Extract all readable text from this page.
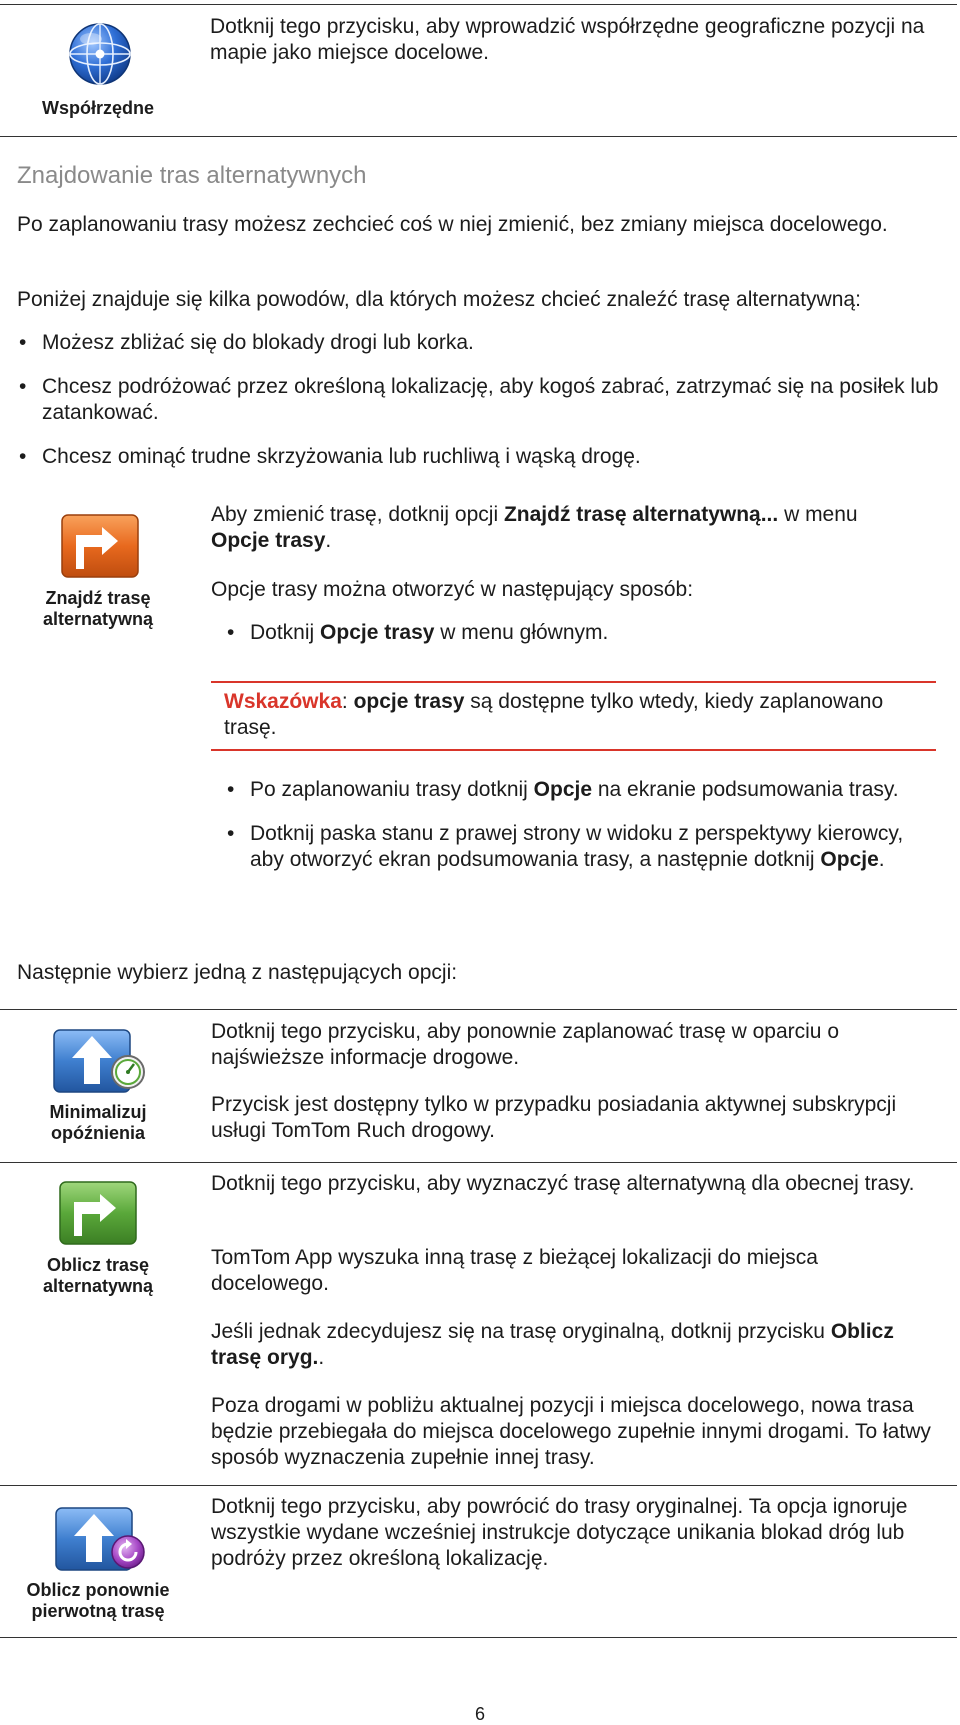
Współrzędne

Dotknij tego przycisku, aby wprowadzić współrzędne geograficzne pozycji na mapie jako miejsce docelowe.

Znajdowanie tras alternatywnych

Po zaplanowaniu trasy możesz zechcieć coś w niej zmienić, bez zmiany miejsca docelowego.

Poniżej znajduje się kilka powodów, dla których możesz chcieć znaleźć trasę alternatywną:

• Możesz zbliżać się do blokady drogi lub korka.
• Chcesz podróżować przez określoną lokalizację, aby kogoś zabrać, zatrzymać się na posiłek lub zatankować.
• Chcesz ominąć trudne skrzyżowania lub ruchliwą i wąską drogę.
Znajdź trasę
alternatywną

Aby zmienić trasę, dotknij opcji Znajdź trasę alternatywną... w menu Opcje trasy.

Opcje trasy można otworzyć w następujący sposób:

• Dotknij Opcje trasy w menu głównym.

Wskazówka: opcje trasy są dostępne tylko wtedy, kiedy zaplanowano trasę.

• Po zaplanowaniu trasy dotknij Opcje na ekranie podsumowania trasy.
• Dotknij paska stanu z prawej strony w widoku z perspektywy kierowcy, aby otworzyć ekran podsumowania trasy, a następnie dotknij Opcje.

Następnie wybierz jedną z następujących opcji:

Minimalizuj
opóźnienia

Dotknij tego przycisku, aby ponownie zaplanować trasę w oparciu o najświeższe informacje drogowe.

Przycisk jest dostępny tylko w przypadku posiadania aktywnej subskrypcji usługi TomTom Ruch drogowy.

Oblicz trasę
alternatywną

Dotknij tego przycisku, aby wyznaczyć trasę alternatywną dla obecnej trasy.

TomTom App wyszuka inną trasę z bieżącej lokalizacji do miejsca docelowego.

Jeśli jednak zdecydujesz się na trasę oryginalną, dotknij przycisku Oblicz trasę oryg..

Poza drogami w pobliżu aktualnej pozycji i miejsca docelowego, nowa trasa będzie przebiegała do miejsca docelowego zupełnie innymi drogami. To łatwy sposób wyznaczenia zupełnie innej trasy.

Oblicz ponownie
pierwotną trasę

Dotknij tego przycisku, aby powrócić do trasy oryginalnej. Ta opcja ignoruje wszystkie wydane wcześniej instrukcje dotyczące unikania blokad dróg lub podróży przez określoną lokalizację.

6
